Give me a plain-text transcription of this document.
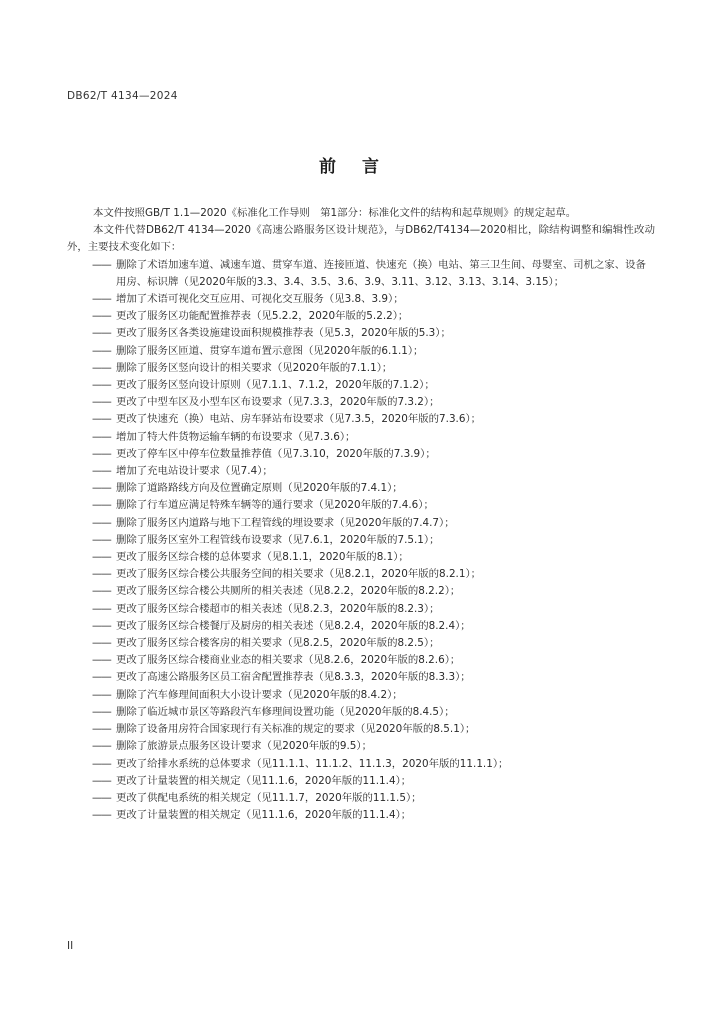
DB62/T 4134—2024
前言

本文件按照GB/T 1.1—2020《标准化工作导则　第1部分：标准化文件的结构和起草规则》的规定起草。

本文件代替DB62/T 4134—2020《高速公路服务区设计规范》，与DB62/T4134—2020相比，除结构调整和编辑性改动外，主要技术变化如下：

—— 删除了术语加速车道、减速车道、贯穿车道、连接匝道、快速充（换）电站、第三卫生间、母婴室、司机之家、设备用房、标识牌（见2020年版的3.3、3.4、3.5、3.6、3.9、3.11、3.12、3.13、3.14、3.15）；
—— 增加了术语可视化交互应用、可视化交互服务（见3.8、3.9）；
—— 更改了服务区功能配置推荐表（见5.2.2，2020年版的5.2.2）；
—— 更改了服务区各类设施建设面积规模推荐表（见5.3，2020年版的5.3）；
—— 删除了服务区匝道、贯穿车道布置示意图（见2020年版的6.1.1）；
—— 删除了服务区竖向设计的相关要求（见2020年版的7.1.1）；
—— 更改了服务区竖向设计原则（见7.1.1、7.1.2，2020年版的7.1.2）；
—— 更改了中型车区及小型车区布设要求（见7.3.3，2020年版的7.3.2）；
—— 更改了快速充（换）电站、房车驿站布设要求（见7.3.5，2020年版的7.3.6）；
—— 增加了特大件货物运输车辆的布设要求（见7.3.6）；
—— 更改了停车区中停车位数量推荐值（见7.3.10，2020年版的7.3.9）；
—— 增加了充电站设计要求（见7.4）；
—— 删除了道路路线方向及位置确定原则（见2020年版的7.4.1）；
—— 删除了行车道应满足特殊车辆等的通行要求（见2020年版的7.4.6）；
—— 删除了服务区内道路与地下工程管线的埋设要求（见2020年版的7.4.7）；
—— 删除了服务区室外工程管线布设要求（见7.6.1，2020年版的7.5.1）；
—— 更改了服务区综合楼的总体要求（见8.1.1，2020年版的8.1）；
—— 更改了服务区综合楼公共服务空间的相关要求（见8.2.1，2020年版的8.2.1）；
—— 更改了服务区综合楼公共厕所的相关表述（见8.2.2，2020年版的8.2.2）；
—— 更改了服务区综合楼超市的相关表述（见8.2.3，2020年版的8.2.3）；
—— 更改了服务区综合楼餐厅及厨房的相关表述（见8.2.4，2020年版的8.2.4）；
—— 更改了服务区综合楼客房的相关要求（见8.2.5，2020年版的8.2.5）；
—— 更改了服务区综合楼商业业态的相关要求（见8.2.6，2020年版的8.2.6）；
—— 更改了高速公路服务区员工宿舍配置推荐表（见8.3.3，2020年版的8.3.3）；
—— 删除了汽车修理间面积大小设计要求（见2020年版的8.4.2）；
—— 删除了临近城市景区等路段汽车修理间设置功能（见2020年版的8.4.5）；
—— 删除了设备用房符合国家现行有关标准的规定的要求（见2020年版的8.5.1）；
—— 删除了旅游景点服务区设计要求（见2020年版的9.5）；
—— 更改了给排水系统的总体要求（见11.1.1、11.1.2、11.1.3，2020年版的11.1.1）；
—— 更改了计量装置的相关规定（见11.1.6，2020年版的11.1.4）；
—— 更改了供配电系统的相关规定（见11.1.7，2020年版的11.1.5）；
—— 更改了计量装置的相关规定（见11.1.6，2020年版的11.1.4）；
II
